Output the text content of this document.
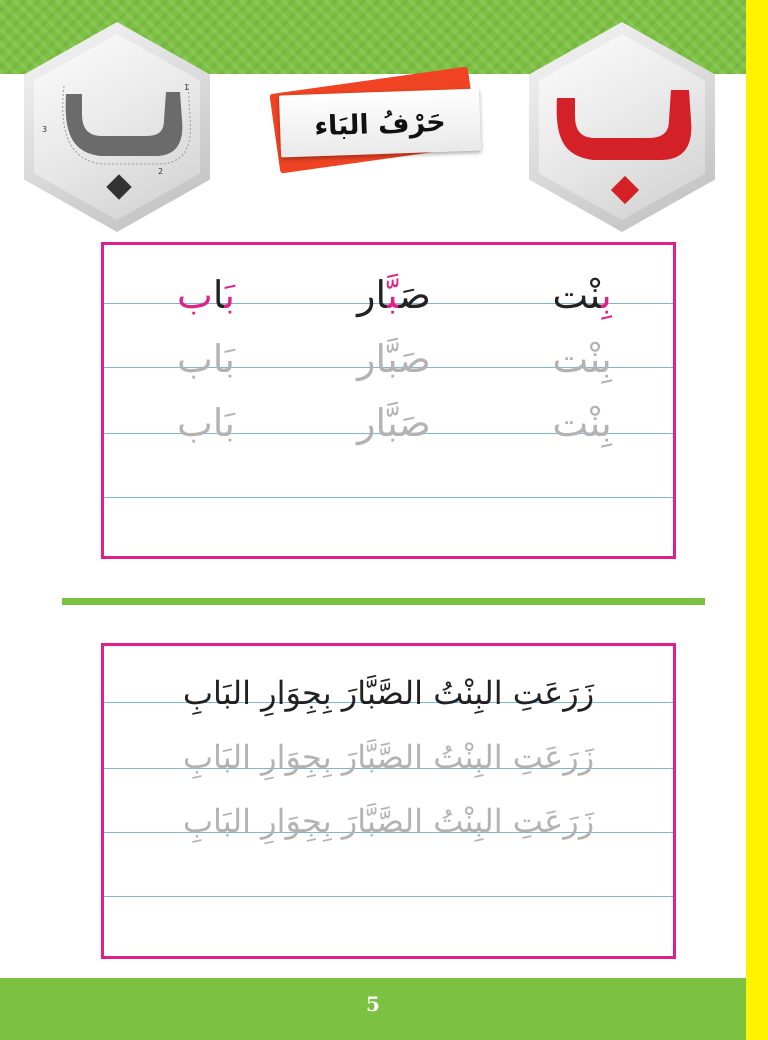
1
2
3	حَرْفُ البَاء
بِنْت
صَبَّار
بَاب
بِنْت
صَبَّار
بَاب
بِنْت
صَبَّار
بَاب
زَرَعَتِ البِنْتُ الصَّبَّارَ بِجِوَارِ البَابِ
زَرَعَتِ البِنْتُ الصَّبَّارَ بِجِوَارِ البَابِ
زَرَعَتِ البِنْتُ الصَّبَّارَ بِجِوَارِ البَابِ
5
